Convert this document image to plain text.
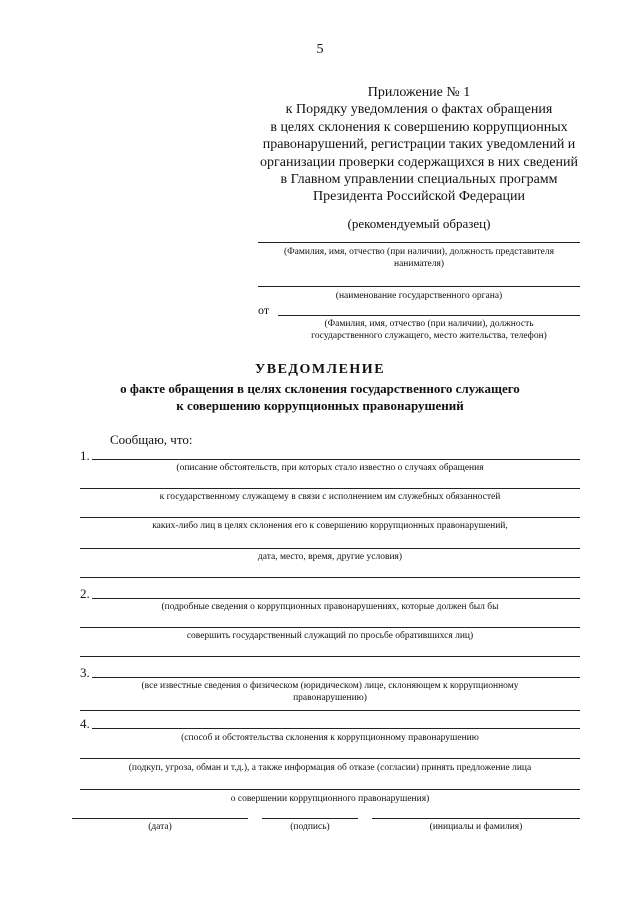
5
Приложение № 1
к Порядку уведомления о фактах обращения
в целях склонения к совершению коррупционных
правонарушений, регистрации таких уведомлений и
организации проверки содержащихся в них сведений
в Главном управлении специальных программ
Президента Российской Федерации
(рекомендуемый образец)
(Фамилия, имя, отчество (при наличии), должность представителя
нанимателя)
(наименование государственного органа)
от
(Фамилия, имя, отчество (при наличии), должность
государственного служащего, место жительства, телефон)
УВЕДОМЛЕНИЕ
о факте обращения в целях склонения государственного служащего
к совершению коррупционных правонарушений
Сообщаю, что:
1.
(описание обстоятельств, при которых стало известно о случаях обращения
к государственному служащему в связи с исполнением им служебных обязанностей
каких-либо лиц в целях склонения его к совершению коррупционных правонарушений,
дата, место, время, другие условия)
2.
(подробные сведения о коррупционных правонарушениях, которые должен был бы
совершить государственный служащий по просьбе обратившихся лиц)
3.
(все известные сведения о физическом (юридическом) лице, склоняющем к коррупционному
правонарушению)
4.
(способ и обстоятельства склонения к коррупционному правонарушению
(подкуп, угроза, обман и т.д.), а также информация об отказе (согласии) принять предложение лица
о совершении коррупционного правонарушения)
(дата)	(подпись)	(инициалы и фамилия)
